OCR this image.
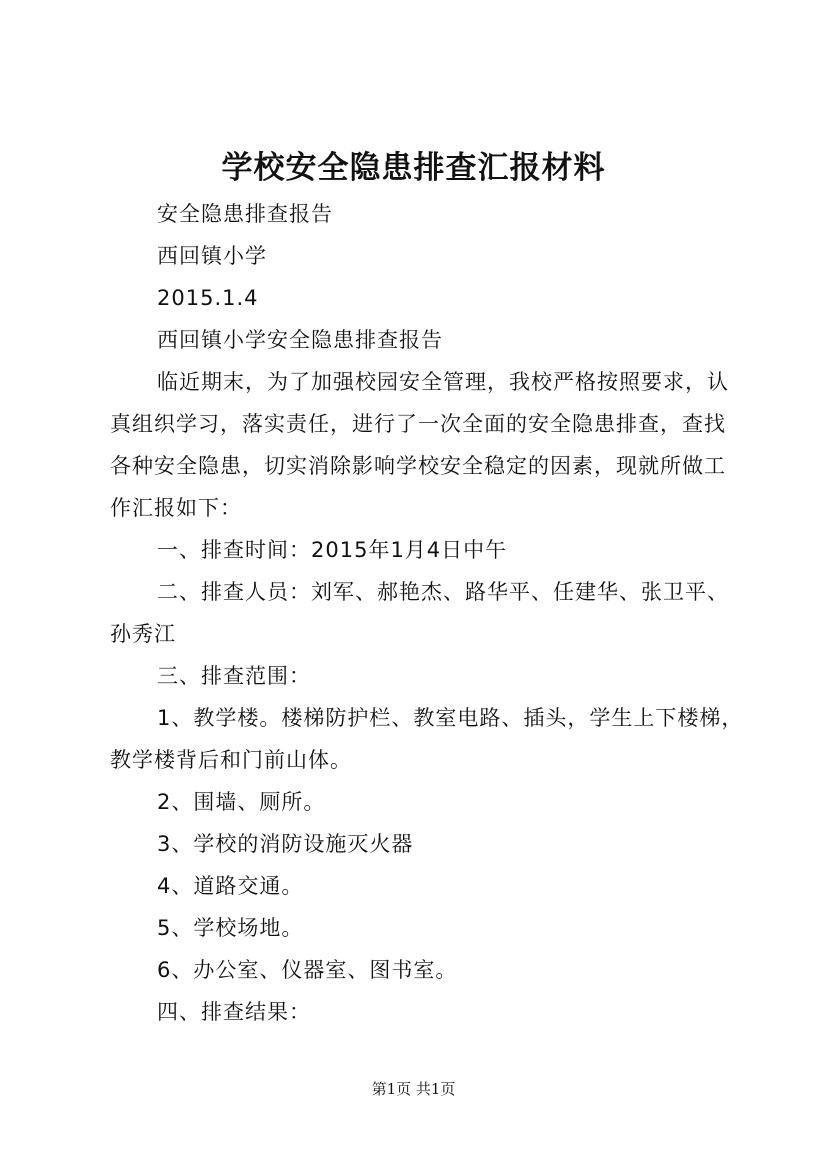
学校安全隐患排查汇报材料
安全隐患排查报告
西回镇小学
2015.1.4
西回镇小学安全隐患排查报告
临近期末，为了加强校园安全管理，我校严格按照要求，认
真组织学习，落实责任，进行了一次全面的安全隐患排查，查找
各种安全隐患，切实消除影响学校安全稳定的因素，现就所做工
作汇报如下：
一、排查时间：2015年1月4日中午
二、排查人员：刘军、郝艳杰、路华平、任建华、张卫平、
孙秀江
三、排查范围：
1、教学楼。楼梯防护栏、教室电路、插头，学生上下楼梯，
教学楼背后和门前山体。
2、围墙、厕所。
3、学校的消防设施灭火器
4、道路交通。
5、学校场地。
6、办公室、仪器室、图书室。
四、排查结果：
第1页 共1页
